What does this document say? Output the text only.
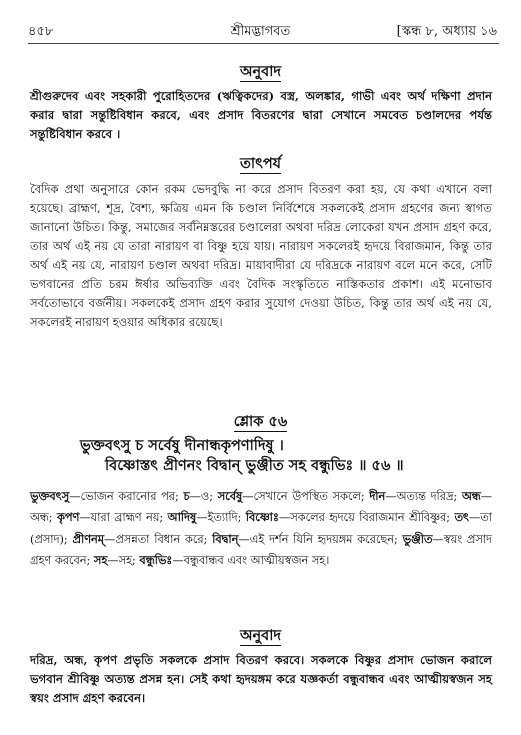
৪৫৮	শ্রীমদ্ভাগবত	[স্কন্ধ ৮, অধ্যায় ১৬
অনুবাদ
শ্রীগুরুদেব এবং সহকারী পুরোহিতদের (ঋত্বিকদের) বস্ত্র, অলঙ্কার, গাভী এবং অর্থ দক্ষিণা প্রদান করার দ্বারা সন্তুষ্টিবিধান করবে, এবং প্রসাদ বিতরণের দ্বারা সেখানে সমবেত চণ্ডালদের পর্যন্ত সন্তুষ্টিবিধান করবে ।
তাৎপর্য
বৈদিক প্রথা অনুসারে কোন রকম ভেদবুদ্ধি না করে প্রসাদ বিতরণ করা হয়, যে কথা এখানে বলা হয়েছে। ব্রাহ্মণ, শূদ্র, বৈশ্য, ক্ষত্রিয় এমন কি চণ্ডাল নির্বিশেষে সকলকেই প্রসাদ গ্রহণের জন্য স্বাগত জানানো উচিত। কিন্তু, সমাজের সর্বনিম্নস্তরের চণ্ডালেরা অথবা দরিদ্র লোকেরা যখন প্রসাদ গ্রহণ করে, তার অর্থ এই নয় যে তারা নারায়ণ বা বিষ্ণু হয়ে যায়। নারায়ণ সকলেরই হৃদয়ে বিরাজমান, কিন্তু তার অর্থ এই নয় যে, নারায়ণ চণ্ডাল অথবা দরিদ্র। মায়াবাদীরা যে দরিদ্রকে নারায়ণ বলে মনে করে, সেটি ভগবানের প্রতি চরম ঈর্ষার অভিব্যক্তি এবং বৈদিক সংস্কৃতিতে নাস্তিকতার প্রকাশ। এই মনোভাব সর্বতোভাবে বর্জনীয়। সকলকেই প্রসাদ গ্রহণ করার সুযোগ দেওয়া উচিত, কিন্তু তার অর্থ এই নয় যে, সকলেরই নারায়ণ হওয়ার অধিকার রয়েছে।
শ্লোক ৫৬
ভুক্তবৎসু চ সর্বেষু দীনান্ধকৃপণাদিষু ।
বিষ্ণোস্তৎ প্রীণনং বিদ্বান্‌ ভুঞ্জীত সহ বন্ধুভিঃ ॥ ৫৬ ॥
ভুক্তবৎসু—ভোজন করানোর পর; চ—ও; সর্বেষু—সেখানে উপস্থিত সকলে; দীন—অত্যন্ত দরিদ্র; অন্ধ—অন্ধ; কৃপণ—যারা ব্রাহ্মণ নয়; আদিষু—ইত্যাদি; বিষ্ণোঃ—সকলের হৃদয়ে বিরাজমান শ্রীবিষ্ণুর; তৎ—তা (প্রসাদ); প্রীণনম্—প্রসন্নতা বিধান করে; বিদ্বান্—এই দর্শন যিনি হৃদয়ঙ্গম করেছেন; ভুঞ্জীত—স্বয়ং প্রসাদ গ্রহণ করবেন; সহ—সহ; বন্ধুভিঃ—বন্ধুবান্ধব এবং আত্মীয়স্বজন সহ।
অনুবাদ
দরিদ্র, অন্ধ, কৃপণ প্রভৃতি সকলকে প্রসাদ বিতরণ করবে। সকলকে বিষ্ণুর প্রসাদ ভোজন করালে ভগবান শ্রীবিষ্ণু অত্যন্ত প্রসন্ন হন। সেই কথা হৃদয়ঙ্গম করে যজ্ঞকর্তা বন্ধুবান্ধব এবং আত্মীয়স্বজন সহ স্বয়ং প্রসাদ গ্রহণ করবেন।
